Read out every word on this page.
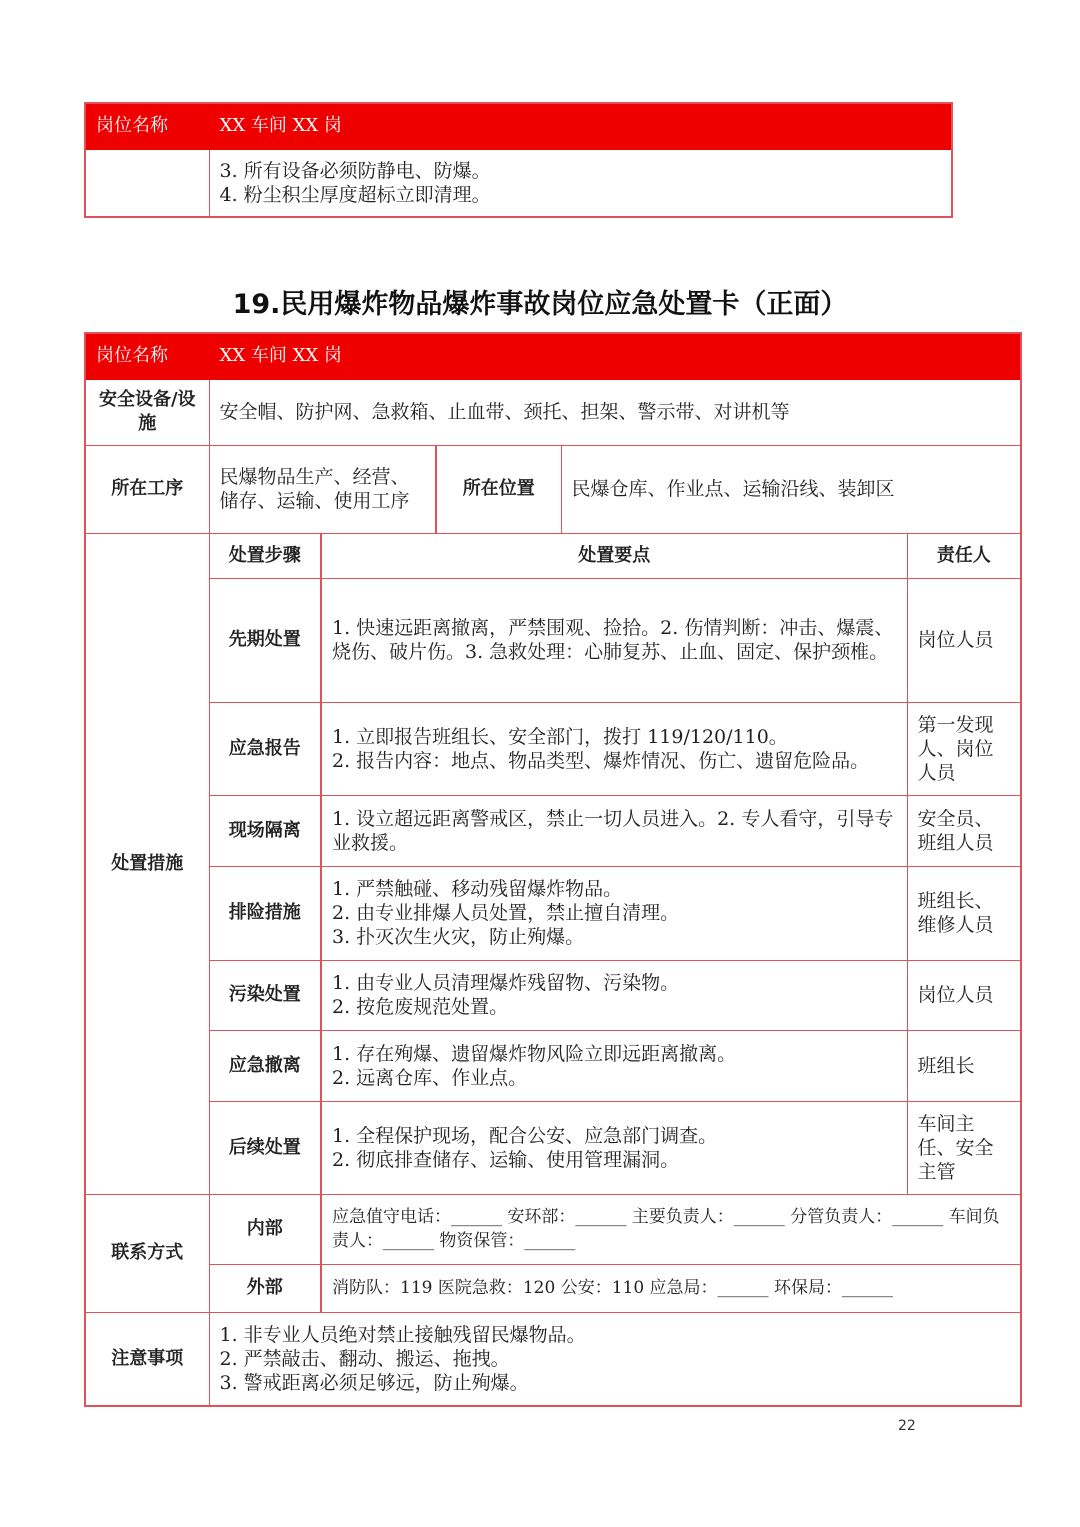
岗位名称	XX 车间 XX 岗

	3. 所有设备必须防静电、防爆。
4. 粉尘积尘厚度超标立即清理。
19.民用爆炸物品爆炸事故岗位应急处置卡（正面）
岗位名称	XX 车间 XX 岗				
安全设备/设施	安全帽、防护网、急救箱、止血带、颈托、担架、警示带、对讲机等				
所在工序	民爆物品生产、经营、储存、运输、使用工序		所在位置	民爆仓库、作业点、运输沿线、装卸区	
处置措施	处置步骤	处置要点			责任人
	先期处置	1. 快速远距离撤离，严禁围观、捡拾。2. 伤情判断：冲击、爆震、烧伤、破片伤。3. 急救处理：心肺复苏、止血、固定、保护颈椎。			岗位人员
	应急报告	1. 立即报告班组长、安全部门，拨打 119/120/110。
2. 报告内容：地点、物品类型、爆炸情况、伤亡、遗留危险品。			第一发现人、岗位人员
	现场隔离	1. 设立超远距离警戒区，禁止一切人员进入。2. 专人看守，引导专业救援。			安全员、班组人员
	排险措施	1. 严禁触碰、移动残留爆炸物品。
2. 由专业排爆人员处置，禁止擅自清理。
3. 扑灭次生火灾，防止殉爆。			班组长、维修人员
	污染处置	1. 由专业人员清理爆炸残留物、污染物。
2. 按危废规范处置。			岗位人员
	应急撤离	1. 存在殉爆、遗留爆炸物风险立即远距离撤离。
2. 远离仓库、作业点。			班组长
	后续处置	1. 全程保护现场，配合公安、应急部门调查。
2. 彻底排查储存、运输、使用管理漏洞。			车间主任、安全主管
联系方式	内部	应急值守电话：______ 安环部：______ 主要负责人：______ 分管负责人：______ 车间负责人：______ 物资保管：______			
	外部	消防队：119 医院急救：120 公安：110 应急局：______ 环保局：______			
注意事项	1. 非专业人员绝对禁止接触残留民爆物品。
2. 严禁敲击、翻动、搬运、拖拽。
3. 警戒距离必须足够远，防止殉爆。				
22
